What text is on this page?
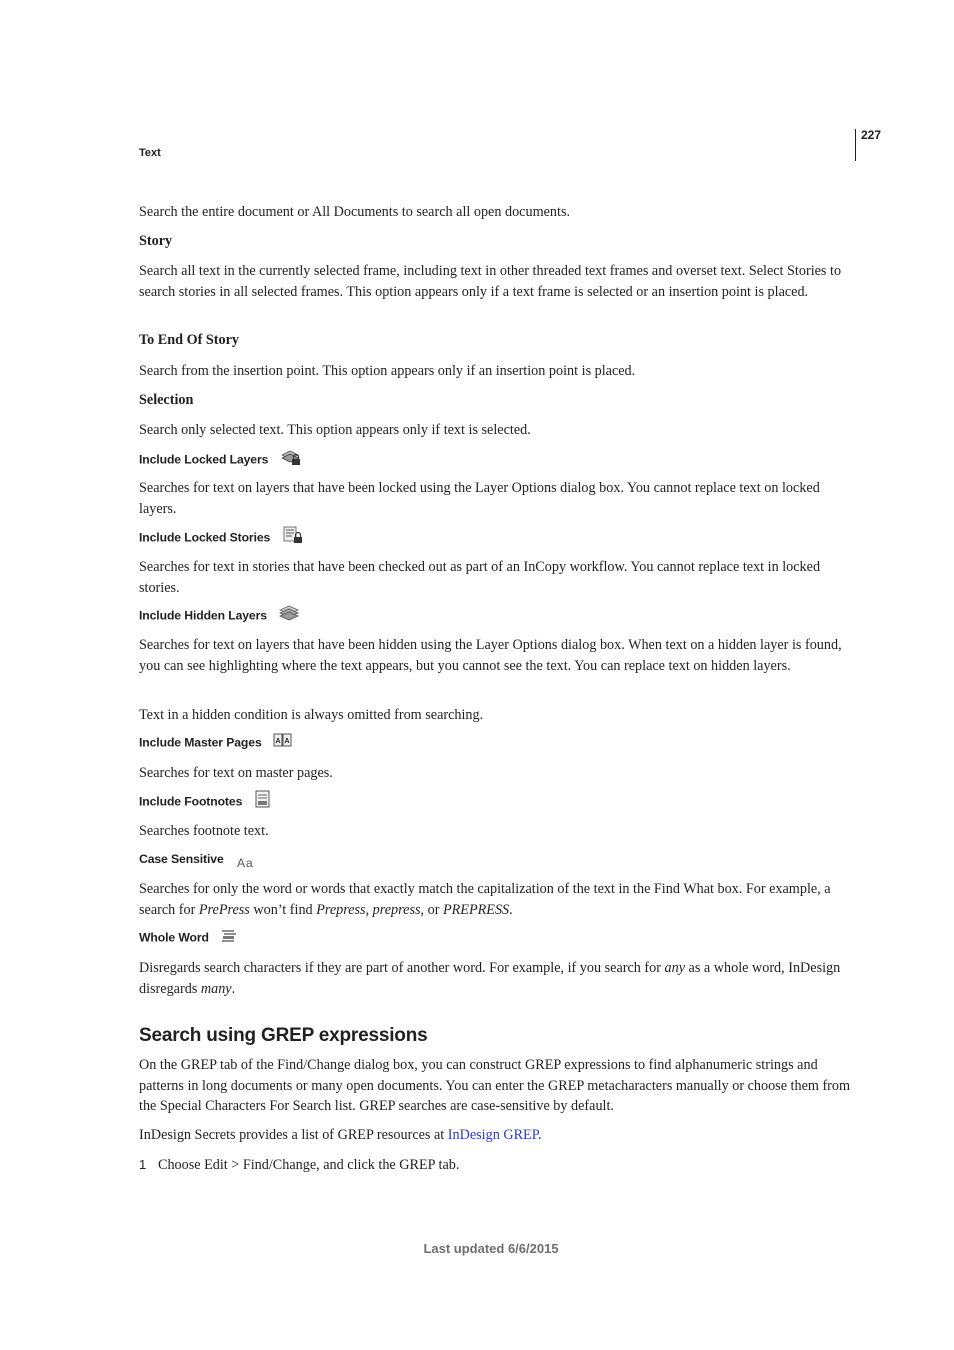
227
Text
Search the entire document or All Documents to search all open documents.
Story
Search all text in the currently selected frame, including text in other threaded text frames and overset text. Select Stories to search stories in all selected frames. This option appears only if a text frame is selected or an insertion point is placed.
To End Of Story
Search from the insertion point. This option appears only if an insertion point is placed.
Selection
Search only selected text. This option appears only if text is selected.
Include Locked Layers
Searches for text on layers that have been locked using the Layer Options dialog box. You cannot replace text on locked layers.
Include Locked Stories
Searches for text in stories that have been checked out as part of an InCopy workflow. You cannot replace text in locked stories.
Include Hidden Layers
Searches for text on layers that have been hidden using the Layer Options dialog box. When text on a hidden layer is found, you can see highlighting where the text appears, but you cannot see the text. You can replace text on hidden layers.
Text in a hidden condition is always omitted from searching.
Include Master Pages A A
Searches for text on master pages.
Include Footnotes
Searches footnote text.
Case Sensitive Aa
Searches for only the word or words that exactly match the capitalization of the text in the Find What box. For example, a search for PrePress won’t find Prepress, prepress, or PREPRESS.
Whole Word
Disregards search characters if they are part of another word. For example, if you search for any as a whole word, InDesign disregards many.
Search using GREP expressions
On the GREP tab of the Find/Change dialog box, you can construct GREP expressions to find alphanumeric strings and patterns in long documents or many open documents. You can enter the GREP metacharacters manually or choose them from the Special Characters For Search list. GREP searches are case-sensitive by default.
InDesign Secrets provides a list of GREP resources at InDesign GREP.
1 Choose Edit > Find/Change, and click the GREP tab.
Last updated 6/6/2015
